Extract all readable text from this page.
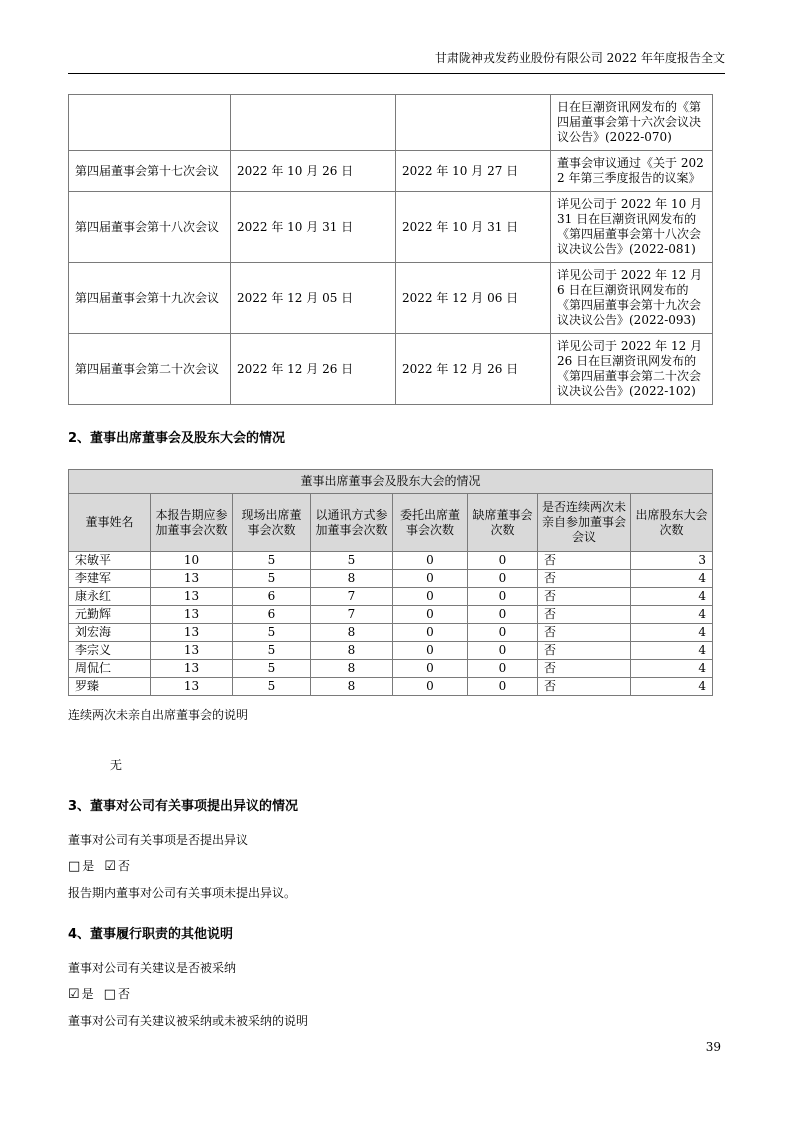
甘肃陇神戎发药业股份有限公司 2022 年年度报告全文
			日在巨潮资讯网发布的《第四届董事会第十六次会议决议公告》(2022-070)
第四届董事会第十七次会议	2022 年 10 月 26 日	2022 年 10 月 27 日	董事会审议通过《关于 2022 年第三季度报告的议案》
第四届董事会第十八次会议	2022 年 10 月 31 日	2022 年 10 月 31 日	详见公司于 2022 年 10 月 31 日在巨潮资讯网发布的《第四届董事会第十八次会议决议公告》(2022-081)
第四届董事会第十九次会议	2022 年 12 月 05 日	2022 年 12 月 06 日	详见公司于 2022 年 12 月 6 日在巨潮资讯网发布的《第四届董事会第十九次会议决议公告》(2022-093)
第四届董事会第二十次会议	2022 年 12 月 26 日	2022 年 12 月 26 日	详见公司于 2022 年 12 月 26 日在巨潮资讯网发布的《第四届董事会第二十次会议决议公告》(2022-102)
2、董事出席董事会及股东大会的情况
董事出席董事会及股东大会的情况							
董事姓名	本报告期应参加董事会次数	现场出席董事会次数	以通讯方式参加董事会次数	委托出席董事会次数	缺席董事会次数	是否连续两次未亲自参加董事会会议	出席股东大会次数
宋敏平	10	5	5	0	0	否	3
李建军	13	5	8	0	0	否	4
康永红	13	6	7	0	0	否	4
元勤辉	13	6	7	0	0	否	4
刘宏海	13	5	8	0	0	否	4
李宗义	13	5	8	0	0	否	4
周侃仁	13	5	8	0	0	否	4
罗臻	13	5	8	0	0	否	4
连续两次未亲自出席董事会的说明
无
3、董事对公司有关事项提出异议的情况
董事对公司有关事项是否提出异议
□ 是 ☑ 否
报告期内董事对公司有关事项未提出异议。
4、董事履行职责的其他说明
董事对公司有关建议是否被采纳
☑ 是 □ 否
董事对公司有关建议被采纳或未被采纳的说明
39
